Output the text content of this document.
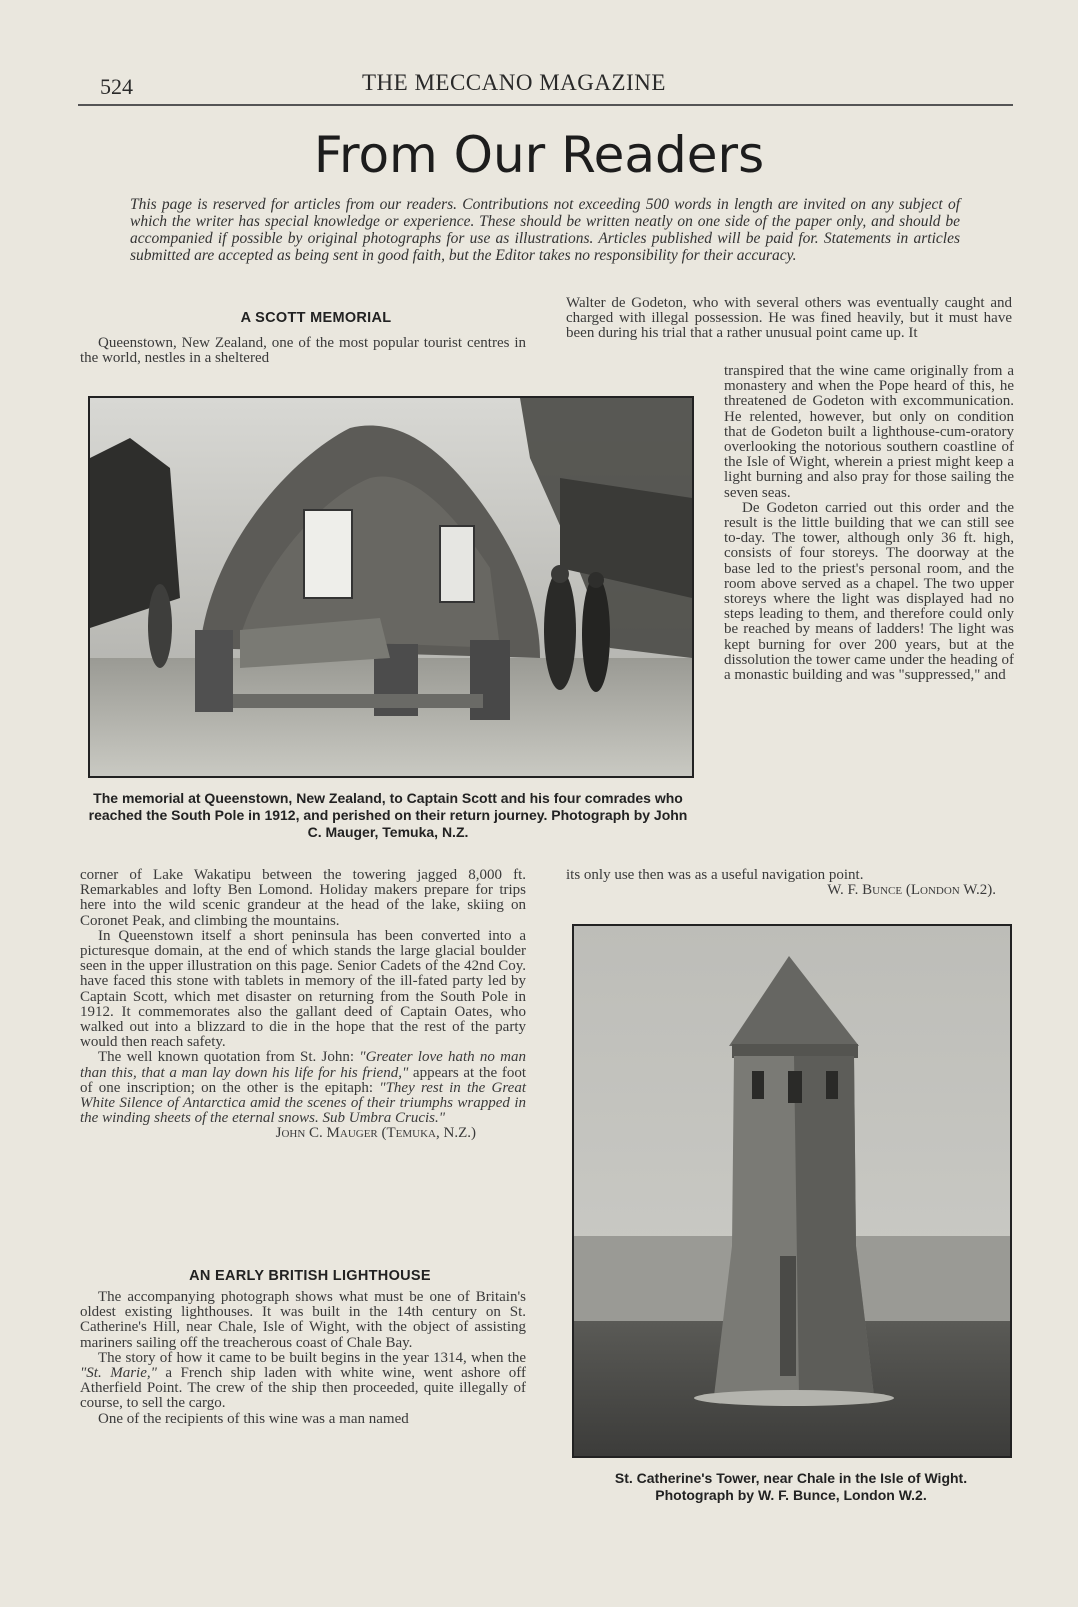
524	THE MECCANO MAGAZINE
From Our Readers
This page is reserved for articles from our readers. Contributions not exceeding 500 words in length are invited on any subject of which the writer has special knowledge or experience. These should be written neatly on one side of the paper only, and should be accompanied if possible by original photographs for use as illustrations. Articles published will be paid for. Statements in articles submitted are accepted as being sent in good faith, but the Editor takes no responsibility for their accuracy.
A SCOTT MEMORIAL

Queenstown, New Zealand, one of the most popular tourist centres in the world, nestles in a sheltered

The memorial at Queenstown, New Zealand, to Captain Scott and his four comrades who reached the South Pole in 1912, and perished on their return journey. Photograph by John C. Mauger, Temuka, N.Z.

corner of Lake Wakatipu between the towering jagged 8,000 ft. Remarkables and lofty Ben Lomond. Holiday makers prepare for trips here into the wild scenic grandeur at the head of the lake, skiing on Coronet Peak, and climbing the mountains.

In Queenstown itself a short peninsula has been converted into a picturesque domain, at the end of which stands the large glacial boulder seen in the upper illustration on this page. Senior Cadets of the 42nd Coy. have faced this stone with tablets in memory of the ill-fated party led by Captain Scott, which met disaster on returning from the South Pole in 1912. It commemorates also the gallant deed of Captain Oates, who walked out into a blizzard to die in the hope that the rest of the party would then reach safety.

The well known quotation from St. John: "Greater love hath no man than this, that a man lay down his life for his friend," appears at the foot of one inscription; on the other is the epitaph: "They rest in the Great White Silence of Antarctica amid the scenes of their triumphs wrapped in the winding sheets of the eternal snows. Sub Umbra Crucis."

John C. Mauger (Temuka, N.Z.)

AN EARLY BRITISH LIGHTHOUSE

The accompanying photograph shows what must be one of Britain's oldest existing lighthouses. It was built in the 14th century on St. Catherine's Hill, near Chale, Isle of Wight, with the object of assisting mariners sailing off the treacherous coast of Chale Bay.

The story of how it came to be built begins in the year 1314, when the "St. Marie," a French ship laden with white wine, went ashore off Atherfield Point. The crew of the ship then proceeded, quite illegally of course, to sell the cargo.

One of the recipients of this wine was a man named

Walter de Godeton, who with several others was eventually caught and charged with illegal possession. He was fined heavily, but it must have been during his trial that a rather unusual point came up. It

transpired that the wine came originally from a monastery and when the Pope heard of this, he threatened de Godeton with excommunication. He relented, however, but only on condition that de Godeton built a lighthouse-cum-oratory overlooking the notorious southern coastline of the Isle of Wight, wherein a priest might keep a light burning and also pray for those sailing the seven seas.

De Godeton carried out this order and the result is the little building that we can still see to-day. The tower, although only 36 ft. high, consists of four storeys. The doorway at the base led to the priest's personal room, and the room above served as a chapel. The two upper storeys where the light was displayed had no steps leading to them, and therefore could only be reached by means of ladders! The light was kept burning for over 200 years, but at the dissolution the tower came under the heading of a monastic building and was "suppressed," and

its only use then was as a useful navigation point.

W. F. Bunce (London W.2).

St. Catherine's Tower, near Chale in the Isle of Wight.
Photograph by W. F. Bunce, London W.2.
